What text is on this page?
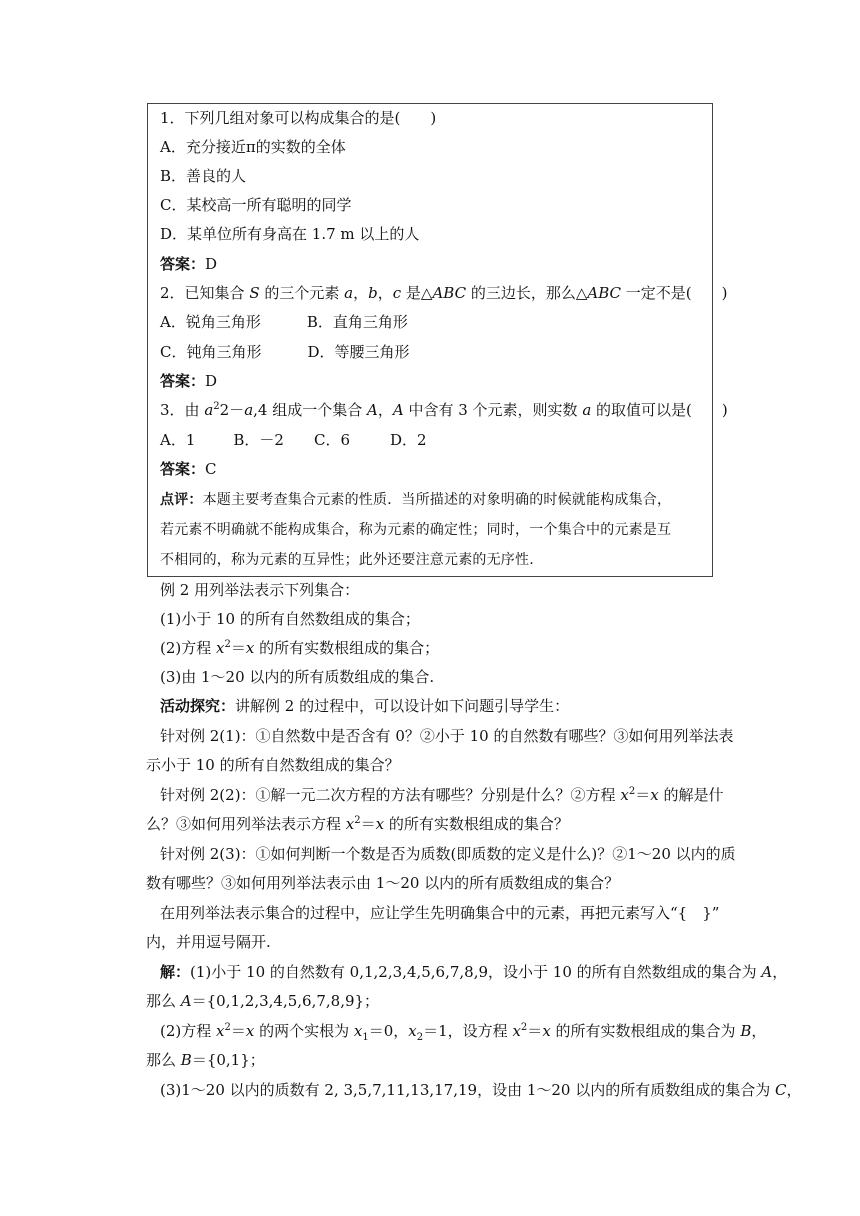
1．下列几组对象可以构成集合的是(　　)
A．充分接近π的实数的全体
B．善良的人
C．某校高一所有聪明的同学
D．某单位所有身高在 1.7 m 以上的人
答案：D
2．已知集合 S 的三个元素 a，b，c 是△ABC 的三边长，那么△ABC 一定不是(　　)
A．锐角三角形	B．直角三角形
C．钝角三角形	D．等腰三角形
答案：D
3．由 $a^22-a,4$ 组成一个集合 A，A 中含有 3 个元素，则实数 a 的取值可以是(　　)
A．1	B．－2 C．6	D．2
答案：C
点评：本题主要考查集合元素的性质．当所描述的对象明确的时候就能构成集合，
若元素不明确就不能构成集合，称为元素的确定性；同时，一个集合中的元素是互
不相同的，称为元素的互异性；此外还要注意元素的无序性.
例 2 用列举法表示下列集合：
(1)小于 10 的所有自然数组成的集合；
(2)方程 $x^2=x$ 的所有实数根组成的集合；
(3)由 1～20 以内的所有质数组成的集合.
活动探究：讲解例 2 的过程中，可以设计如下问题引导学生：
针对例 2(1)：①自然数中是否含有 0？②小于 10 的自然数有哪些？③如何用列举法表
示小于 10 的所有自然数组成的集合？
针对例 2(2)：①解一元二次方程的方法有哪些？分别是什么？②方程 $x^2=x$ 的解是什
么？③如何用列举法表示方程 $x^2=x$ 的所有实数根组成的集合？
针对例 2(3)：①如何判断一个数是否为质数(即质数的定义是什么)？②1～20 以内的质
数有哪些？③如何用列举法表示由 1～20 以内的所有质数组成的集合？
在用列举法表示集合的过程中，应让学生先明确集合中的元素，再把元素写入“{　}”
内，并用逗号隔开.
解：(1)小于 10 的自然数有 0,1,2,3,4,5,6,7,8,9，设小于 10 的所有自然数组成的集合为 A，
那么 A＝{0,1,2,3,4,5,6,7,8,9}；
(2)方程 $x^2=x$ 的两个实根为 $x_1=0$，$x_2=1$，设方程 $x^2=x$ 的所有实数根组成的集合为 B，
那么 B＝{0,1}；
(3)1～20 以内的质数有 2, 3,5,7,11,13,17,19，设由 1～20 以内的所有质数组成的集合为 C，
